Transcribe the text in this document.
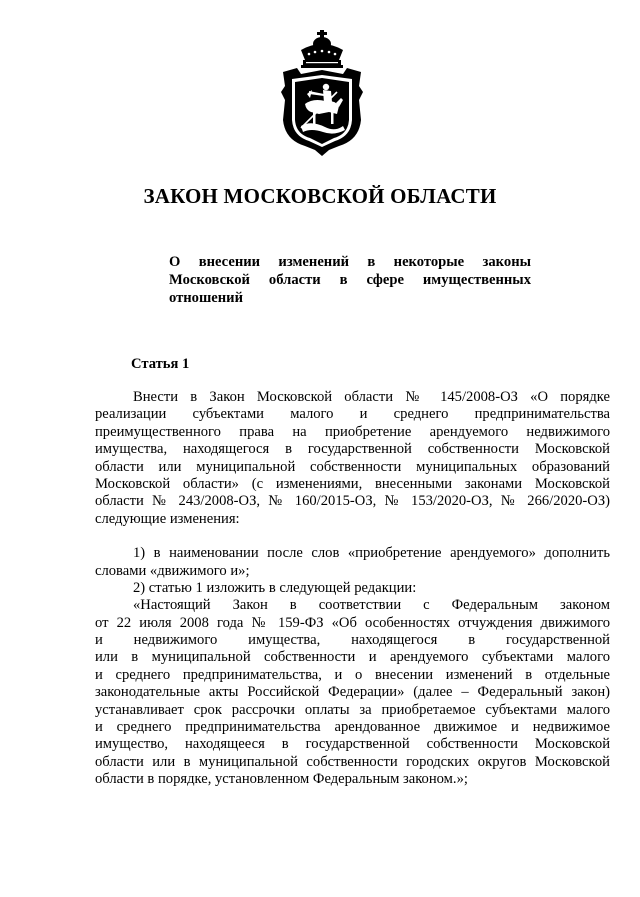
ЗАКОН МОСКОВСКОЙ ОБЛАСТИ
О внесении изменений в некоторые законы
Московской области в сфере имущественных
отношений
Статья 1
Внести в Закон Московской области № 145/2008-ОЗ «О порядке
реализации субъектами малого и среднего предпринимательства
преимущественного права на приобретение арендуемого недвижимого
имущества, находящегося в государственной собственности Московской
области или муниципальной собственности муниципальных образований
Московской области» (с изменениями, внесенными законами Московской
области № 243/2008-ОЗ, № 160/2015-ОЗ, № 153/2020-ОЗ, № 266/2020-ОЗ)
следующие изменения:
1) в наименовании после слов «приобретение арендуемого» дополнить
словами «движимого и»;
2) статью 1 изложить в следующей редакции:
«Настоящий Закон в соответствии с Федеральным законом
от 22 июля 2008 года № 159-ФЗ «Об особенностях отчуждения движимого
и недвижимого имущества, находящегося в государственной
или в муниципальной собственности и арендуемого субъектами малого
и среднего предпринимательства, и о внесении изменений в отдельные
законодательные акты Российской Федерации» (далее – Федеральный закон)
устанавливает срок рассрочки оплаты за приобретаемое субъектами малого
и среднего предпринимательства арендованное движимое и недвижимое
имущество, находящееся в государственной собственности Московской
области или в муниципальной собственности городских округов Московской
области в порядке, установленном Федеральным законом.»;
